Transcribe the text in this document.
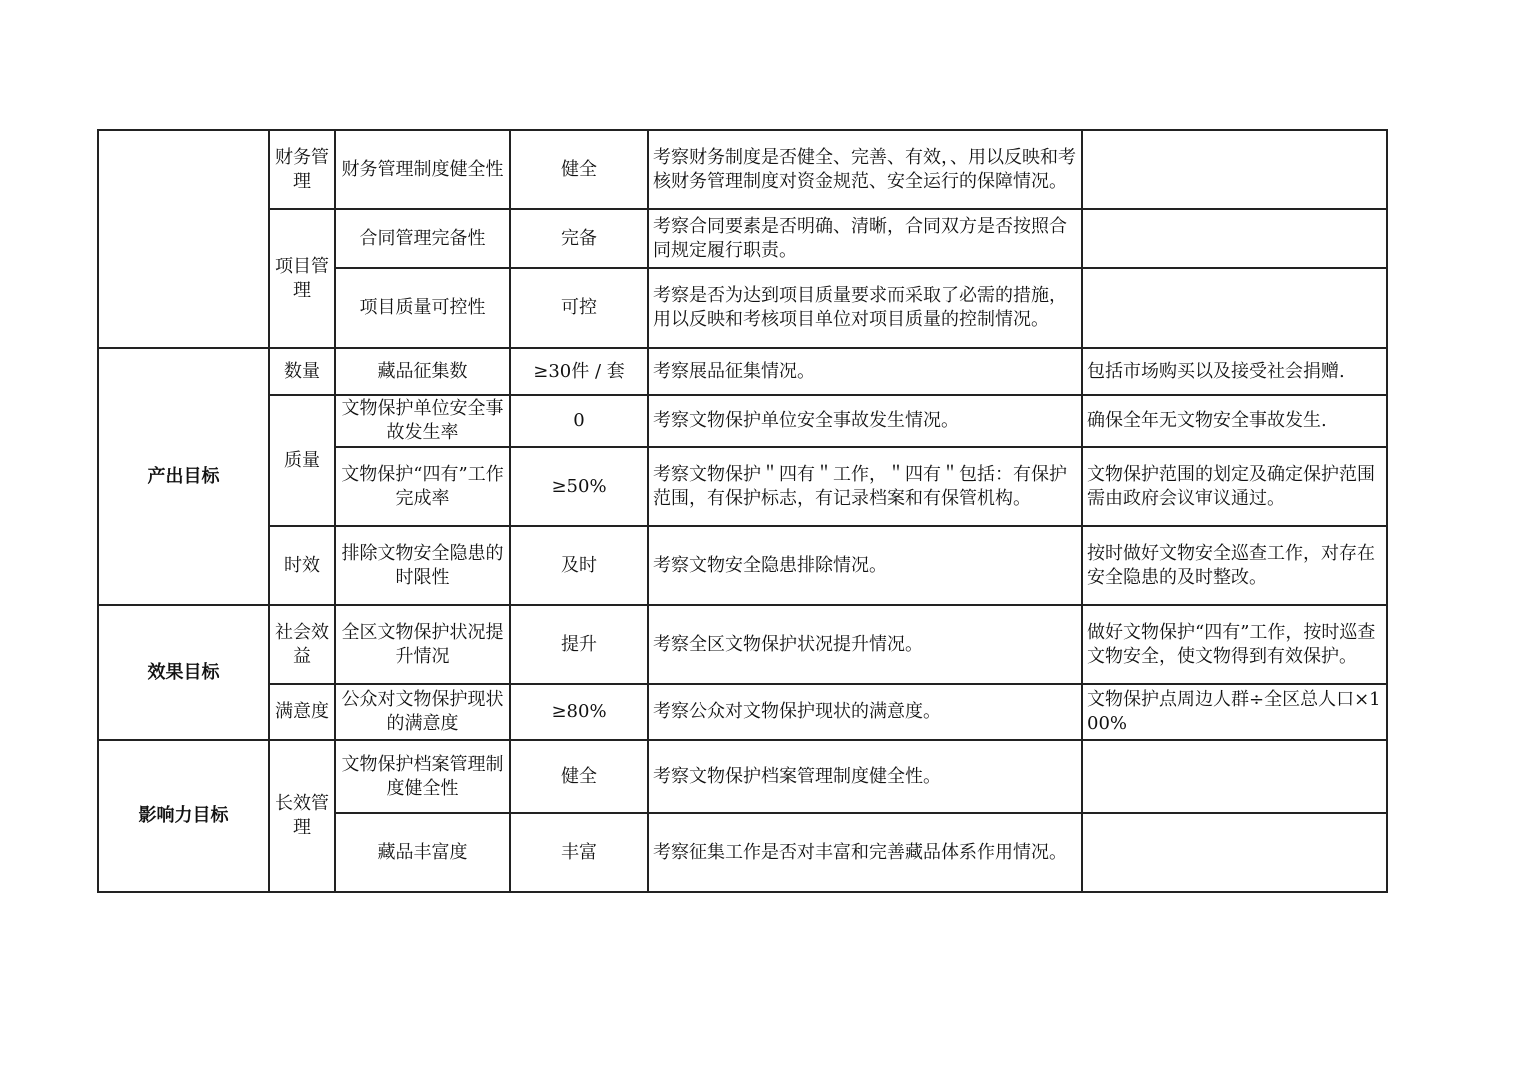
	财务管理	财务管理制度健全性	健全	考察财务制度是否健全、完善、有效，、用以反映和考核财务管理制度对资金规范、安全运行的保障情况。	
	项目管理	合同管理完备性	完备	考察合同要素是否明确、清晰，合同双方是否按照合同规定履行职责。	
		项目质量可控性	可控	考察是否为达到项目质量要求而采取了必需的措施，用以反映和考核项目单位对项目质量的控制情况。	
产出目标	数量	藏品征集数	≥30件 / 套	考察展品征集情况。	包括市场购买以及接受社会捐赠.
	质量	文物保护单位安全事故发生率	0	考察文物保护单位安全事故发生情况。	确保全年无文物安全事故发生.
		文物保护“四有”工作完成率	≥50%	考察文物保护＂四有＂工作，＂四有＂包括：有保护范围，有保护标志，有记录档案和有保管机构。	文物保护范围的划定及确定保护范围需由政府会议审议通过。
	时效	排除文物安全隐患的时限性	及时	考察文物安全隐患排除情况。	按时做好文物安全巡查工作，对存在安全隐患的及时整改。
效果目标	社会效益	全区文物保护状况提升情况	提升	考察全区文物保护状况提升情况。	做好文物保护“四有”工作，按时巡查文物安全，使文物得到有效保护。
	满意度	公众对文物保护现状的满意度	≥80%	考察公众对文物保护现状的满意度。	文物保护点周边人群÷全区总人口×100%
影响力目标	长效管理	文物保护档案管理制度健全性	健全	考察文物保护档案管理制度健全性。	
		藏品丰富度	丰富	考察征集工作是否对丰富和完善藏品体系作用情况。	
